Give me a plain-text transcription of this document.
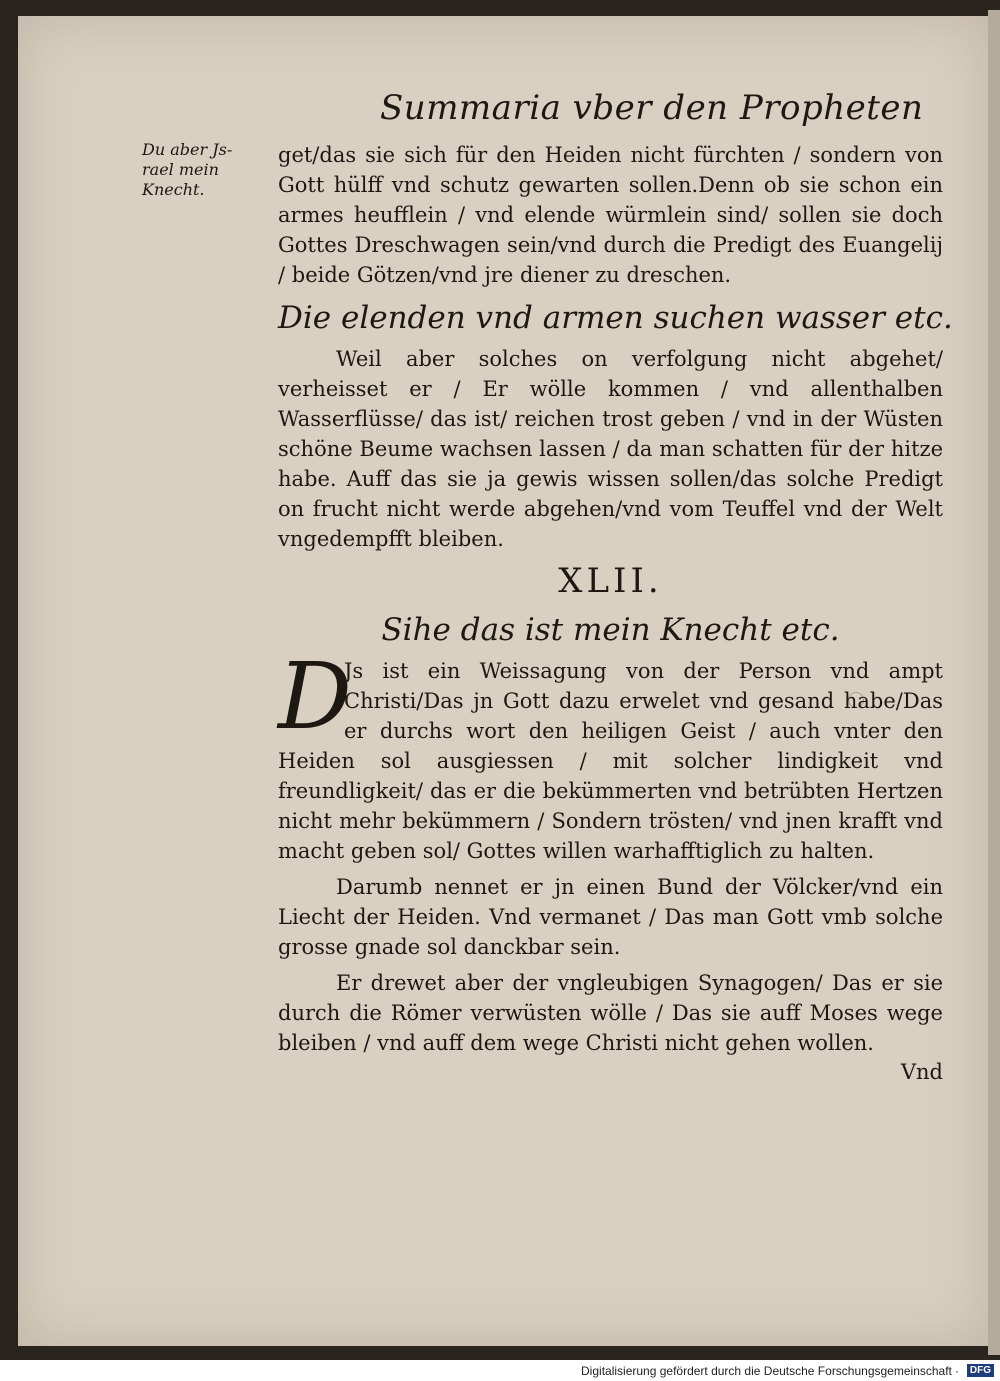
Summaria vber den Propheten
Du aber Js-rael mein Knecht.

get/das sie sich für den Heiden nicht fürchten / sondern von Gott hülff vnd schutz gewarten sollen.Denn ob sie schon ein armes heufflein / vnd elende würmlein sind/ sollen sie doch Gottes Dreschwagen sein/vnd durch die Predigt des Euangelij / beide Götzen/vnd jre diener zu dreschen.

Die elenden vnd armen suchen wasser etc.

Weil aber solches on verfolgung nicht abgehet/ verheisset er / Er wölle kommen / vnd allenthalben Wasserflüsse/ das ist/ reichen trost geben / vnd in der Wüsten schöne Beume wachsen lassen / da man schatten für der hitze habe. Auff das sie ja gewis wissen sollen/das solche Predigt on frucht nicht werde abgehen/vnd vom Teuffel vnd der Welt vngedempfft bleiben.

XLII.
Sihe das ist mein Knecht etc.
D

Js ist ein Weissagung von der Person vnd ampt Christi/Das jn Gott dazu erwelet vnd gesand habe/Das er durchs wort den heiligen Geist / auch vnter den Heiden sol ausgiessen / mit solcher lindigkeit vnd freundligkeit/ das er die bekümmerten vnd betrübten Hertzen nicht mehr bekümmern / Sondern trösten/ vnd jnen krafft vnd macht geben sol/ Gottes willen warhafftiglich zu halten.

Darumb nennet er jn einen Bund der Völcker/vnd ein Liecht der Heiden. Vnd vermanet / Das man Gott vmb solche grosse gnade sol danckbar sein.

Er drewet aber der vngleubigen Synagogen/ Das er sie durch die Römer verwüsten wölle / Das sie auff Moses wege bleiben / vnd auff dem wege Christi nicht gehen wollen.

Vnd
Digitalisierung gefördert durch die Deutsche Forschungsgemeinschaft ·	DFG
